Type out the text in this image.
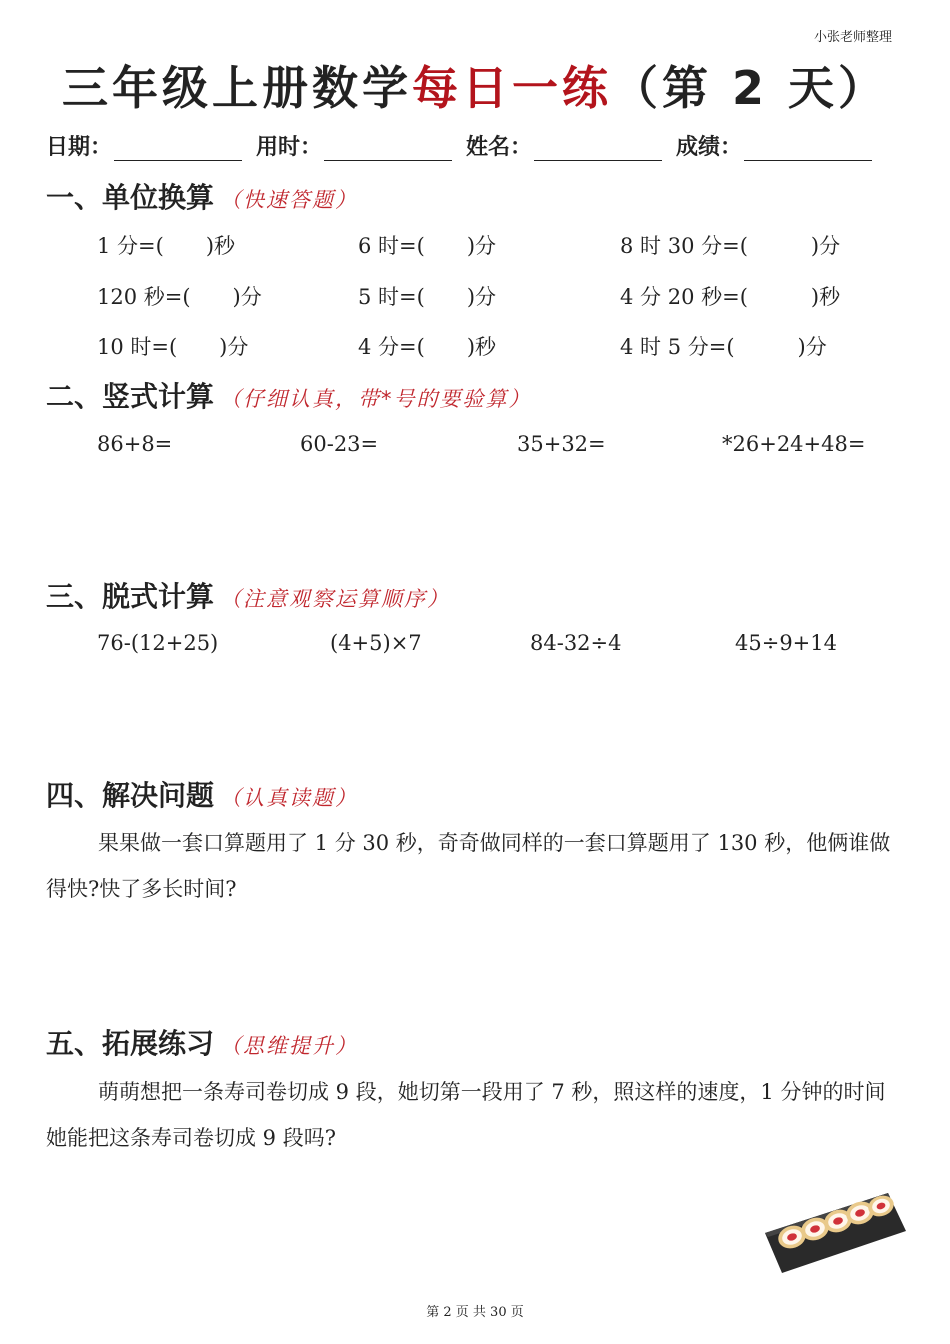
小张老师整理
三年级上册数学每日一练（第 2 天）
日期：	用时：	姓名：	成绩：
一、单位换算 （快速答题）
1 分=(　　)秒	6 时=(　　)分	8 时 30 分=(　　　)分
120 秒=(　　)分	5 时=(　　)分	4 分 20 秒=(　　　)秒
10 时=(　　)分	4 分=(　　)秒	4 时 5 分=(　　　)分
二、竖式计算 （仔细认真，带*号的要验算）
86+8=	60-23=	35+32=	*26+24+48=
三、脱式计算 （注意观察运算顺序）
76-(12+25)	(4+5)×7	84-32÷4	45÷9+14
四、解决问题 （认真读题）

果果做一套口算题用了 1 分 30 秒，奇奇做同样的一套口算题用了 130 秒，他俩谁做得快?快了多长时间?

五、拓展练习 （思维提升）

萌萌想把一条寿司卷切成 9 段，她切第一段用了 7 秒，照这样的速度，1 分钟的时间她能把这条寿司卷切成 9 段吗?

第 2 页 共 30 页
